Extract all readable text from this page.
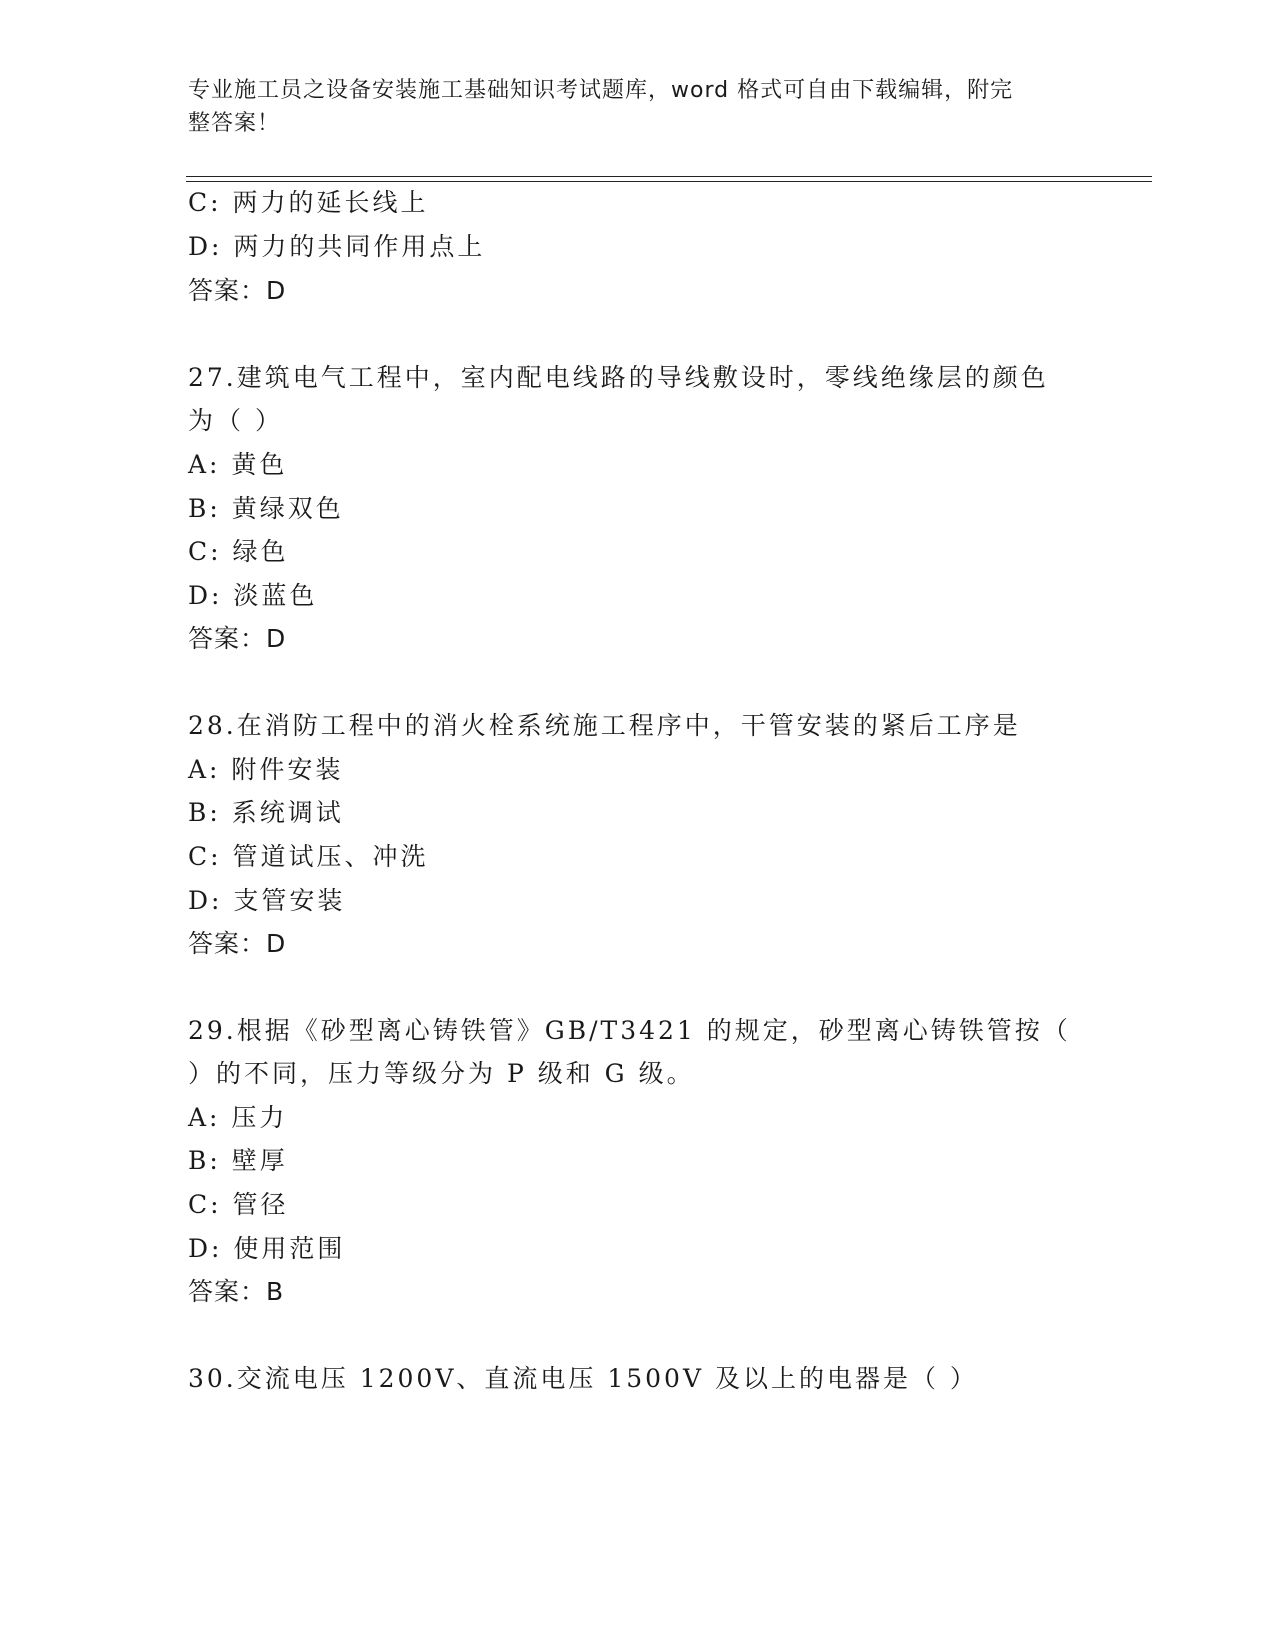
专业施工员之设备安装施工基础知识考试题库，word 格式可自由下载编辑，附完
整答案！
C: 两力的延长线上
D: 两力的共同作用点上
答案：D
27.建筑电气工程中，室内配电线路的导线敷设时，零线绝缘层的颜色
为（ ）
A: 黄色
B: 黄绿双色
C: 绿色
D: 淡蓝色
答案：D
28.在消防工程中的消火栓系统施工程序中，干管安装的紧后工序是
A: 附件安装
B: 系统调试
C: 管道试压、冲洗
D: 支管安装
答案：D
29.根据《砂型离心铸铁管》GB/T3421 的规定，砂型离心铸铁管按（
）的不同，压力等级分为 P 级和 G 级。
A: 压力
B: 壁厚
C: 管径
D: 使用范围
答案：B
30.交流电压 1200V、直流电压 1500V 及以上的电器是（ ）
